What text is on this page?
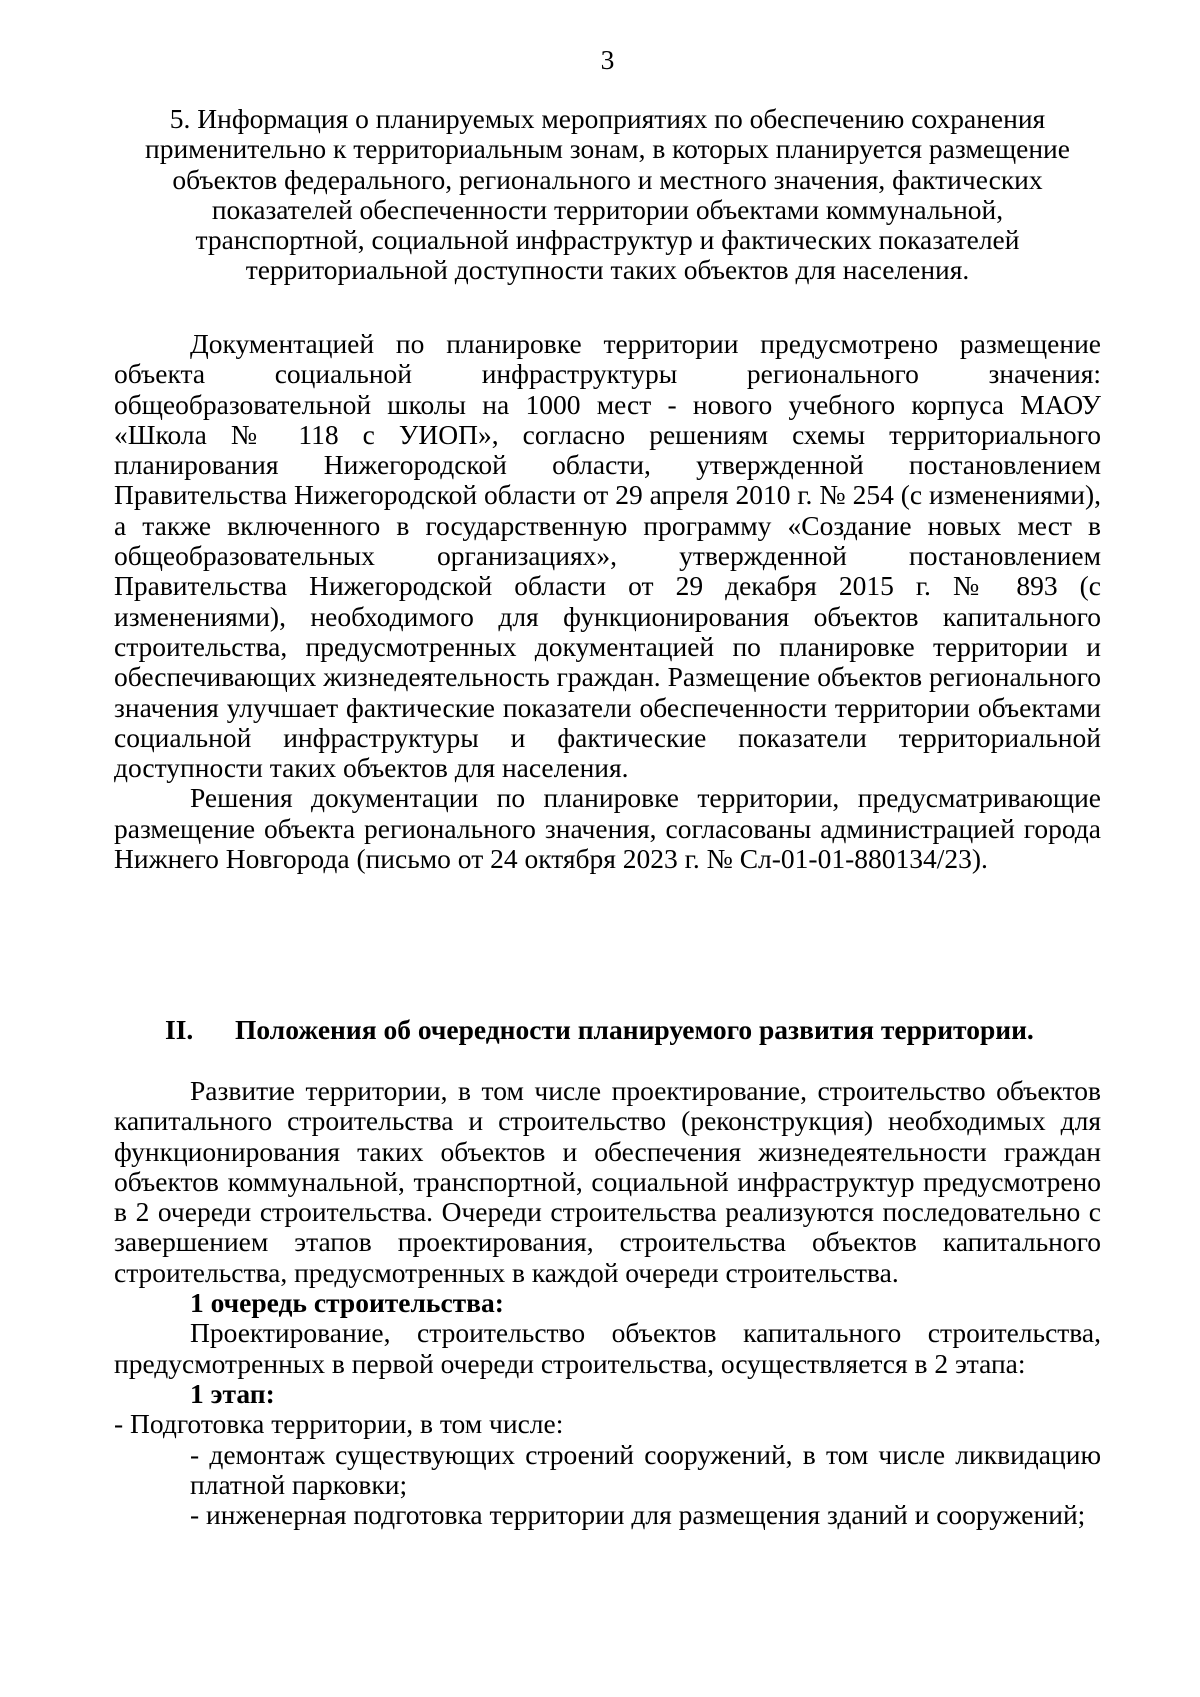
3

5. Информация о планируемых мероприятиях по обеспечению сохранения

применительно к территориальным зонам, в которых планируется размещение

объектов федерального, регионального и местного значения, фактических

показателей обеспеченности территории объектами коммунальной,

транспортной, социальной инфраструктур и фактических показателей

территориальной доступности таких объектов для населения.

Документацией по планировке территории предусмотрено размещение объекта социальной инфраструктуры регионального значения: общеобразовательной школы на 1000 мест - нового учебного корпуса МАОУ «Школа № 118 с УИОП», согласно решениям схемы территориального планирования Нижегородской области, утвержденной постановлением Правительства Нижегородской области от 29 апреля 2010 г. № 254 (с изменениями), а также включенного в государственную программу «Создание новых мест в общеобразовательных организациях», утвержденной постановлением Правительства Нижегородской области от 29 декабря 2015 г. № 893 (с изменениями), необходимого для функционирования объектов капитального строительства, предусмотренных документацией по планировке территории и обеспечивающих жизнедеятельность граждан. Размещение объектов регионального значения улучшает фактические показатели обеспеченности территории объектами социальной инфраструктуры и фактические показатели территориальной доступности таких объектов для населения.

Решения документации по планировке территории, предусматривающие размещение объекта регионального значения, согласованы администрацией города Нижнего Новгорода (письмо от 24 октября 2023 г. № Сл-01-01-880134/23).

II. Положения об очередности планируемого развития территории.

Развитие территории, в том числе проектирование, строительство объектов капитального строительства и строительство (реконструкция) необходимых для функционирования таких объектов и обеспечения жизнедеятельности граждан объектов коммунальной, транспортной, социальной инфраструктур предусмотрено в 2 очереди строительства. Очереди строительства реализуются последовательно с завершением этапов проектирования, строительства объектов капитального строительства, предусмотренных в каждой очереди строительства.

1 очередь строительства:

Проектирование, строительство объектов капитального строительства, предусмотренных в первой очереди строительства, осуществляется в 2 этапа:

1 этап:

- Подготовка территории, в том числе:

- демонтаж существующих строений сооружений, в том числе ликвидацию платной парковки;

- инженерная подготовка территории для размещения зданий и сооружений;
